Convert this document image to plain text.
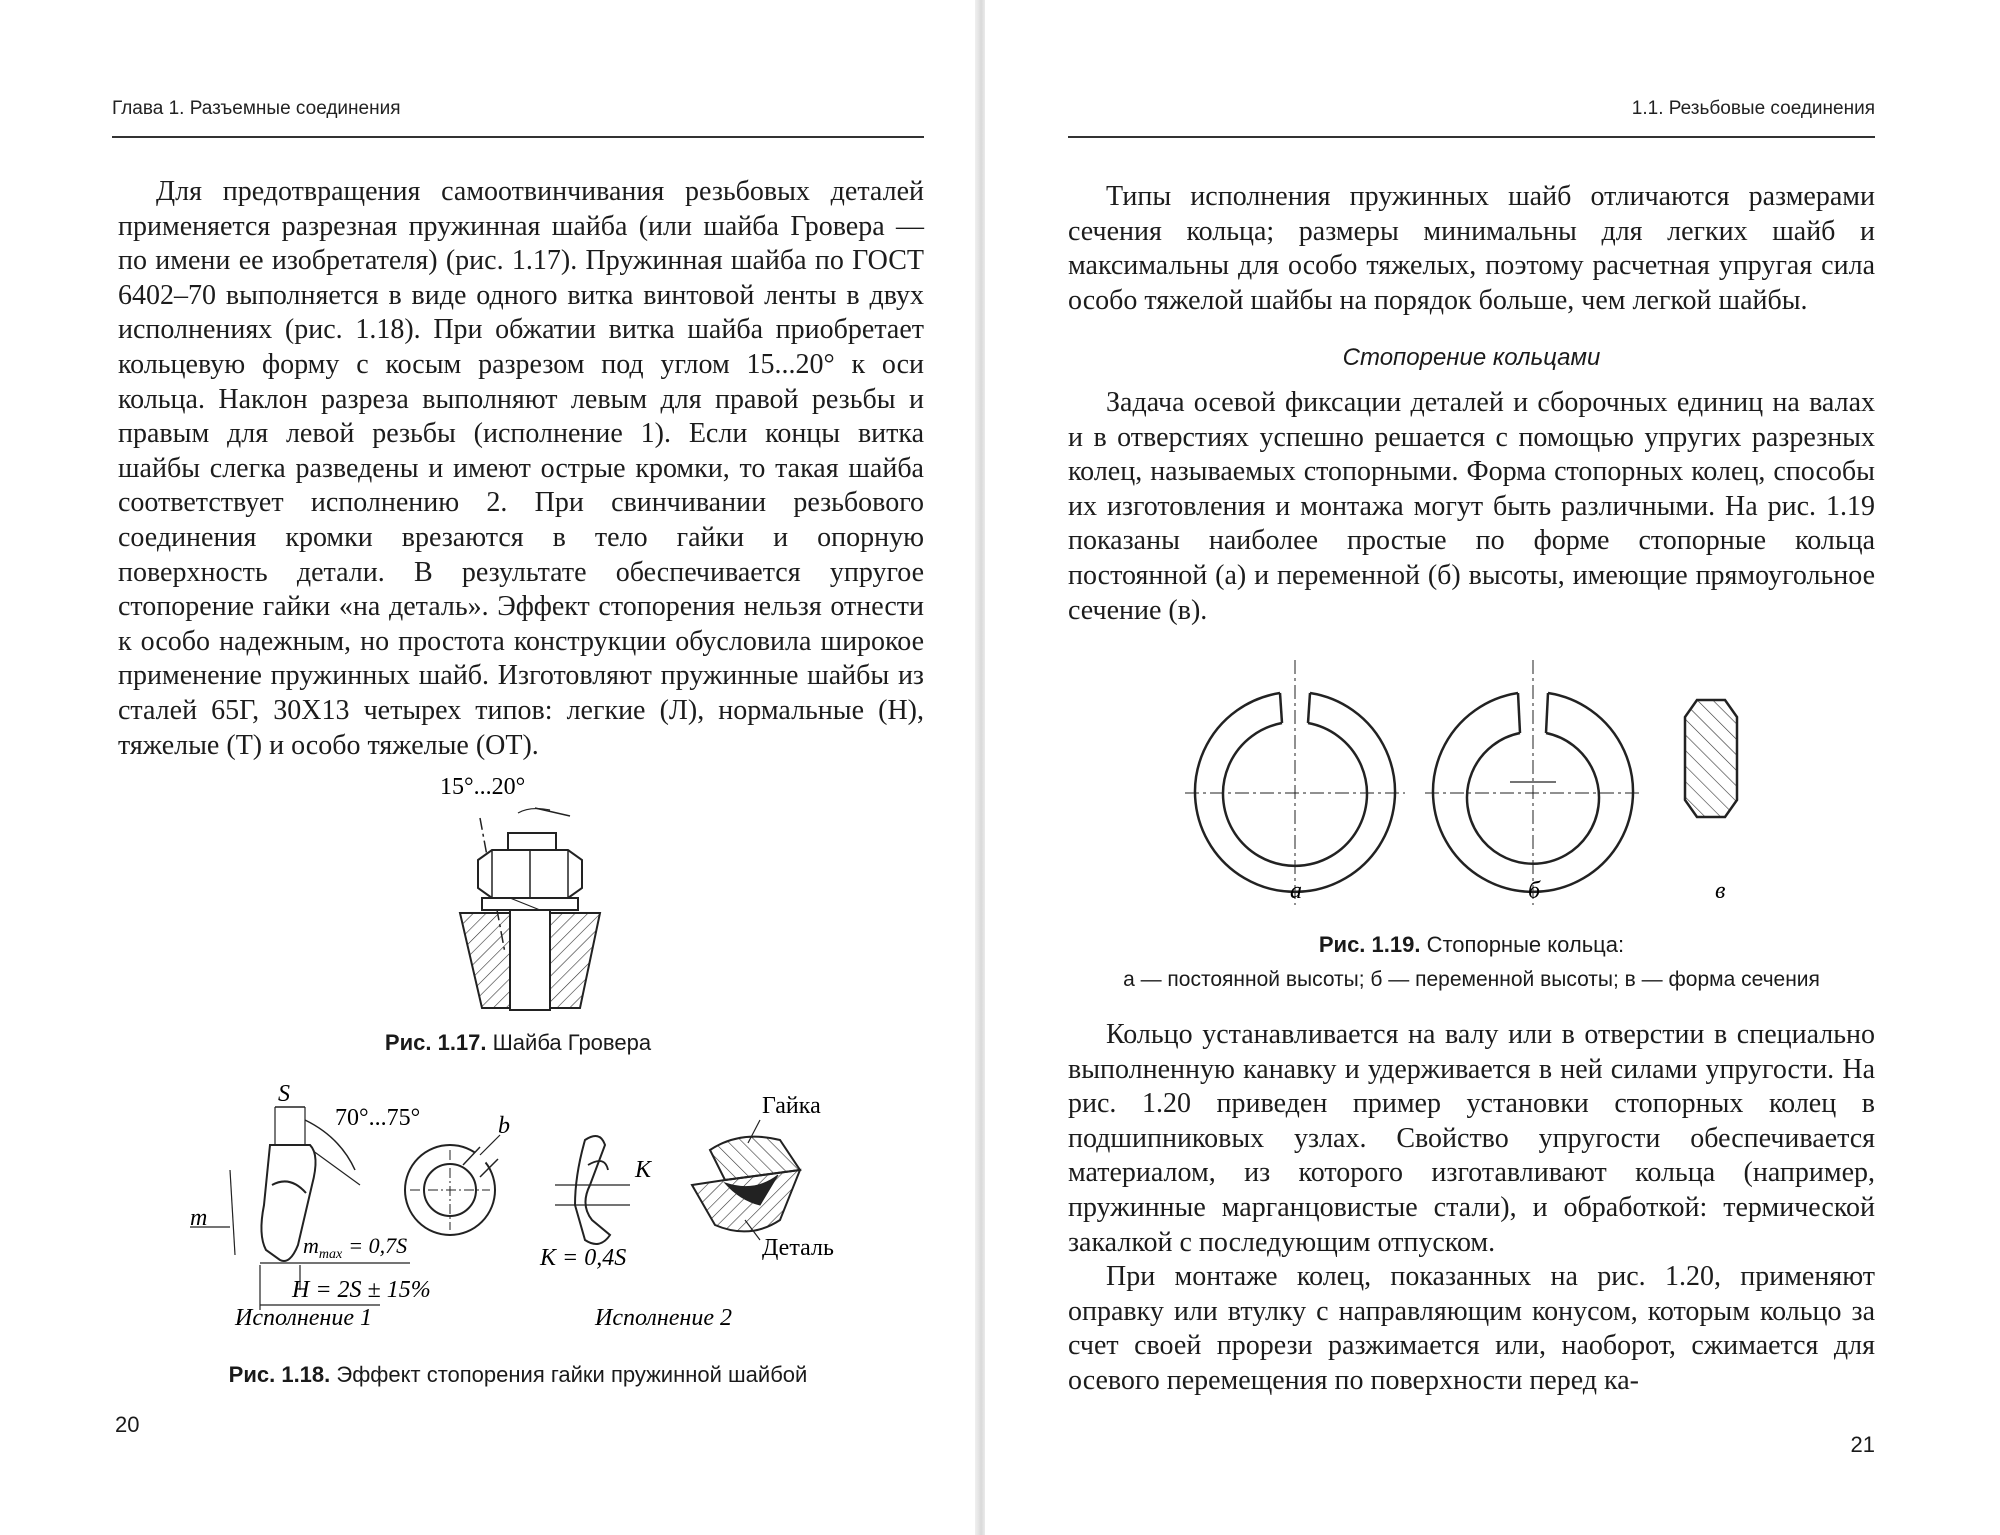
Глава 1. Разъемные соединения

Для предотвращения самоотвинчивания резьбовых деталей применяется разрезная пружинная шайба (или шайба Гровера — по имени ее изобретателя) (рис. 1.17). Пружинная шайба по ГОСТ 6402–70 выполняется в виде одного витка винтовой ленты в двух исполнениях (рис. 1.18). При обжатии витка шайба приобретает кольцевую форму с косым разрезом под углом 15...20° к оси кольца. Наклон разреза выполняют левым для правой резьбы и правым для левой резьбы (исполнение 1). Если концы витка шайбы слегка разведены и имеют острые кромки, то такая шайба соответствует исполнению 2. При свинчивании резьбового соединения кромки врезаются в тело гайки и опорную поверхность детали. В результате обеспечивается упругое стопорение гайки «на деталь». Эффект стопорения нельзя отнести к особо надежным, но простота конструкции обусловила широкое применение пружинных шайб. Изготовляют пружинные шайбы из сталей 65Г, 30Х13 четырех типов: легкие (Л), нормальные (Н), тяжелые (Т) и особо тяжелые (ОТ).

15°...20°
Рис. 1.17. Шайба Гровера
S
70°...75°
m
$m_{max} = 0,7S$
H = 2S ± 15%
b
K
K = 0,4S
Гайка
Деталь
Исполнение 1	Исполнение 2
Рис. 1.18. Эффект стопорения гайки пружинной шайбой
20
1.1. Резьбовые соединения

Типы исполнения пружинных шайб отличаются размерами сечения кольца; размеры минимальны для легких шайб и максимальны для особо тяжелых, поэтому расчетная упругая сила особо тяжелой шайбы на порядок больше, чем легкой шайбы.

Стопорение кольцами

Задача осевой фиксации деталей и сборочных единиц на валах и в отверстиях успешно решается с помощью упругих разрезных колец, называемых стопорными. Форма стопорных колец, способы их изготовления и монтажа могут быть различными. На рис. 1.19 показаны наиболее простые по форме стопорные кольца постоянной (а) и переменной (б) высоты, имеющие прямоугольное сечение (в).

а	б	в
Рис. 1.19. Стопорные кольца:
а — постоянной высоты; б — переменной высоты; в — форма сечения

Кольцо устанавливается на валу или в отверстии в специально выполненную канавку и удерживается в ней силами упругости. На рис. 1.20 приведен пример установки стопорных колец в подшипниковых узлах. Свойство упругости обеспечивается материалом, из которого изготавливают кольца (например, пружинные марганцовистые стали), и обработкой: термической закалкой с последующим отпуском.

При монтаже колец, показанных на рис. 1.20, применяют оправку или втулку с направляющим конусом, которым кольцо за счет своей прорези разжимается или, наоборот, сжимается для осевого перемещения по поверхности перед ка-

21
